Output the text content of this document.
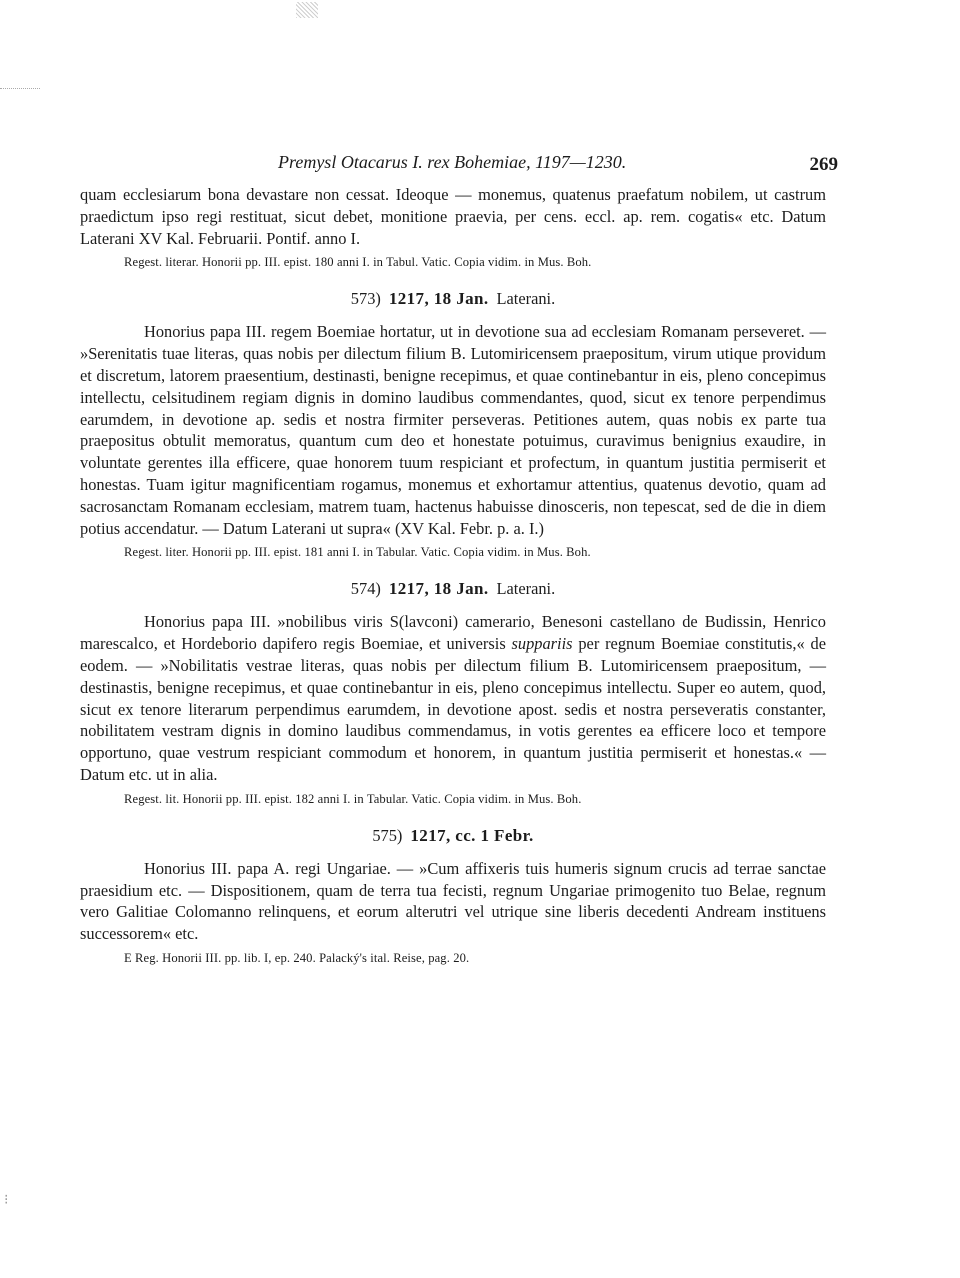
Premysl Otacarus I. rex Bohemiae, 1197—1230.	269

quam ecclesiarum bona devastare non cessat. Ideoque — monemus, quatenus praefatum nobilem, ut castrum praedictum ipso regi restituat, sicut debet, monitione praevia, per cens. eccl. ap. rem. cogatis« etc. Datum Laterani XV Kal. Februarii. Pontif. anno I.

Regest. literar. Honorii pp. III. epist. 180 anni I. in Tabul. Vatic. Copia vidim. in Mus. Boh.

573) 1217, 18 Jan. Laterani.

Honorius papa III. regem Boemiae hortatur, ut in devotione sua ad ecclesiam Romanam perseveret. — »Serenitatis tuae literas, quas nobis per dilectum filium B. Lutomiricensem praepositum, virum utique providum et discretum, latorem praesentium, destinasti, benigne recepimus, et quae continebantur in eis, pleno concepimus intellectu, celsitudinem regiam dignis in domino laudibus commendantes, quod, sicut ex tenore perpendimus earumdem, in devotione ap. sedis et nostra firmiter perseveras. Petitiones autem, quas nobis ex parte tua praepositus obtulit memoratus, quantum cum deo et honestate potuimus, curavimus benignius exaudire, in voluntate gerentes illa efficere, quae honorem tuum respiciant et profectum, in quantum justitia permiserit et honestas. Tuam igitur magnificentiam rogamus, monemus et exhortamur attentius, quatenus devotio, quam ad sacrosanctam Romanam ecclesiam, matrem tuam, hactenus habuisse dinosceris, non tepescat, sed de die in diem potius accendatur. — Datum Laterani ut supra« (XV Kal. Febr. p. a. I.)

Regest. liter. Honorii pp. III. epist. 181 anni I. in Tabular. Vatic. Copia vidim. in Mus. Boh.

574) 1217, 18 Jan. Laterani.

Honorius papa III. »nobilibus viris S(lavconi) camerario, Benesoni castellano de Budissin, Henrico marescalco, et Hordeborio dapifero regis Boemiae, et universis suppariis per regnum Boemiae constitutis,« de eodem. — »Nobilitatis vestrae literas, quas nobis per dilectum filium B. Lutomiricensem praepositum, — destinastis, benigne recepimus, et quae continebantur in eis, pleno concepimus intellectu. Super eo autem, quod, sicut ex tenore literarum perpendimus earumdem, in devotione apost. sedis et nostra perseveratis constanter, nobilitatem vestram dignis in domino laudibus commendamus, in votis gerentes ea efficere loco et tempore opportuno, quae vestrum respiciant commodum et honorem, in quantum justitia permiserit et honestas.« — Datum etc. ut in alia.

Regest. lit. Honorii pp. III. epist. 182 anni I. in Tabular. Vatic. Copia vidim. in Mus. Boh.

575) 1217, cc. 1 Febr.

Honorius III. papa A. regi Ungariae. — »Cum affixeris tuis humeris signum crucis ad terrae sanctae praesidium etc. — Dispositionem, quam de terra tua fecisti, regnum Ungariae primogenito tuo Belae, regnum vero Galitiae Colomanno relinquens, et eorum alterutri vel utrique sine liberis decedenti Andream instituens successorem« etc.

E Reg. Honorii III. pp. lib. I, ep. 240. Palacký's ital. Reise, pag. 20.

⁝
